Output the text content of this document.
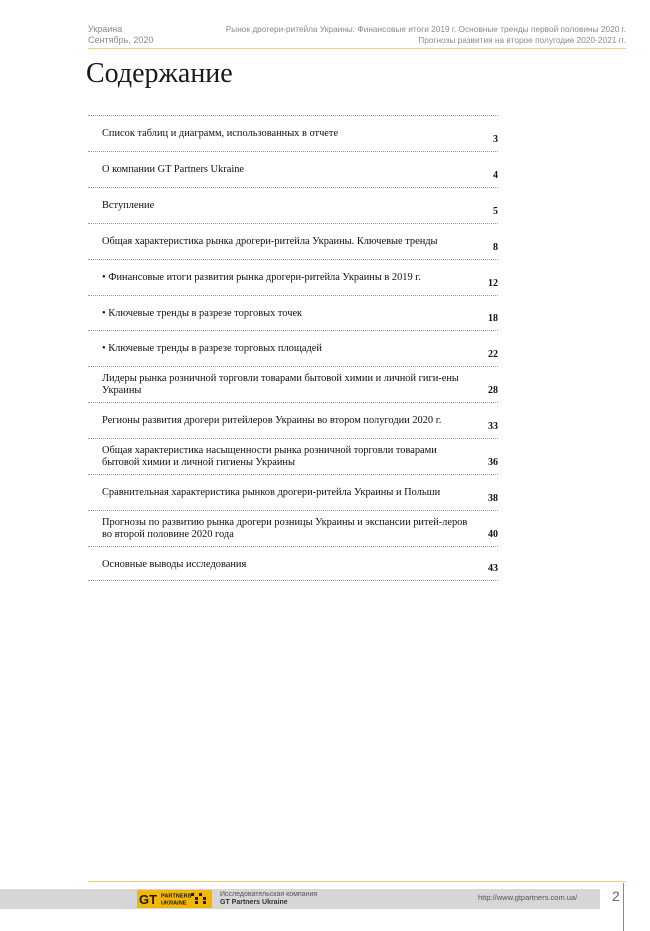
Украина
Сентябрь, 2020
Рынок дрогери-ритейла Украины: Финансовые итоги 2019 г. Основные тренды первой половины 2020 г.
Прогнозы развития на второе полугодие 2020-2021 гг.
Содержание
Список таблиц и диаграмм, использованных в отчете
3
О компании GT Partners Ukraine
4
Вступление
5
Общая характеристика рынка дрогери-ритейла Украины. Ключевые тренды
8
• Финансовые итоги развития рынка дрогери-ритейла Украины в 2019 г.
12
• Ключевые тренды в разрезе торговых точек	18
• Ключевые тренды в разрезе торговых площадей
22
Лидеры рынка розничной торговли товарами бытовой химии и личной гиги-ены Украины	28
Регионы развития дрогери ритейлеров Украины во втором полугодии 2020 г.
33
Общая характеристика насыщенности рынка розничной торговли товарами бытовой химии и личной гигиены Украины	36
Сравнительная характеристика рынков дрогери-ритейла Украины и Польши
38
Прогнозы по развитию рынка дрогери розницы Украины и экспансии ритей-леров во второй половине 2020 года	40
Основные выводы исследования	43
GT PARTNERS
UKRAINE
Исследовательская компания
GT Partners Ukraine
http://www.gtpartners.com.ua/ 2
